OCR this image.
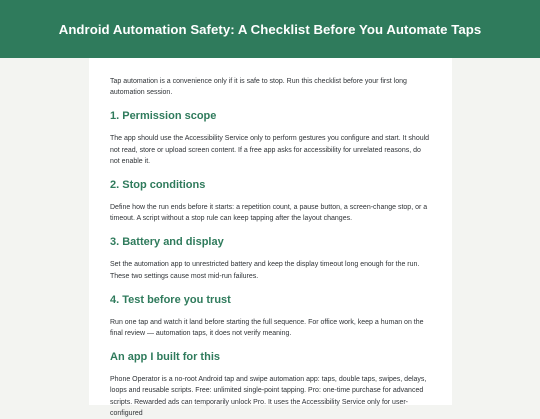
Android Automation Safety: A Checklist Before You Automate Taps

Tap automation is a convenience only if it is safe to stop. Run this checklist before your first long automation session.

1. Permission scope

The app should use the Accessibility Service only to perform gestures you configure and start. It should not read, store or upload screen content. If a free app asks for accessibility for unrelated reasons, do not enable it.

2. Stop conditions

Define how the run ends before it starts: a repetition count, a pause button, a screen-change stop, or a timeout. A script without a stop rule can keep tapping after the layout changes.

3. Battery and display

Set the automation app to unrestricted battery and keep the display timeout long enough for the run. These two settings cause most mid-run failures.

4. Test before you trust

Run one tap and watch it land before starting the full sequence. For office work, keep a human on the final review — automation taps, it does not verify meaning.

An app I built for this

Phone Operator is a no-root Android tap and swipe automation app: taps, double taps, swipes, delays, loops and reusable scripts. Free: unlimited single-point tapping. Pro: one-time purchase for advanced scripts. Rewarded ads can temporarily unlock Pro. It uses the Accessibility Service only for user-configured
